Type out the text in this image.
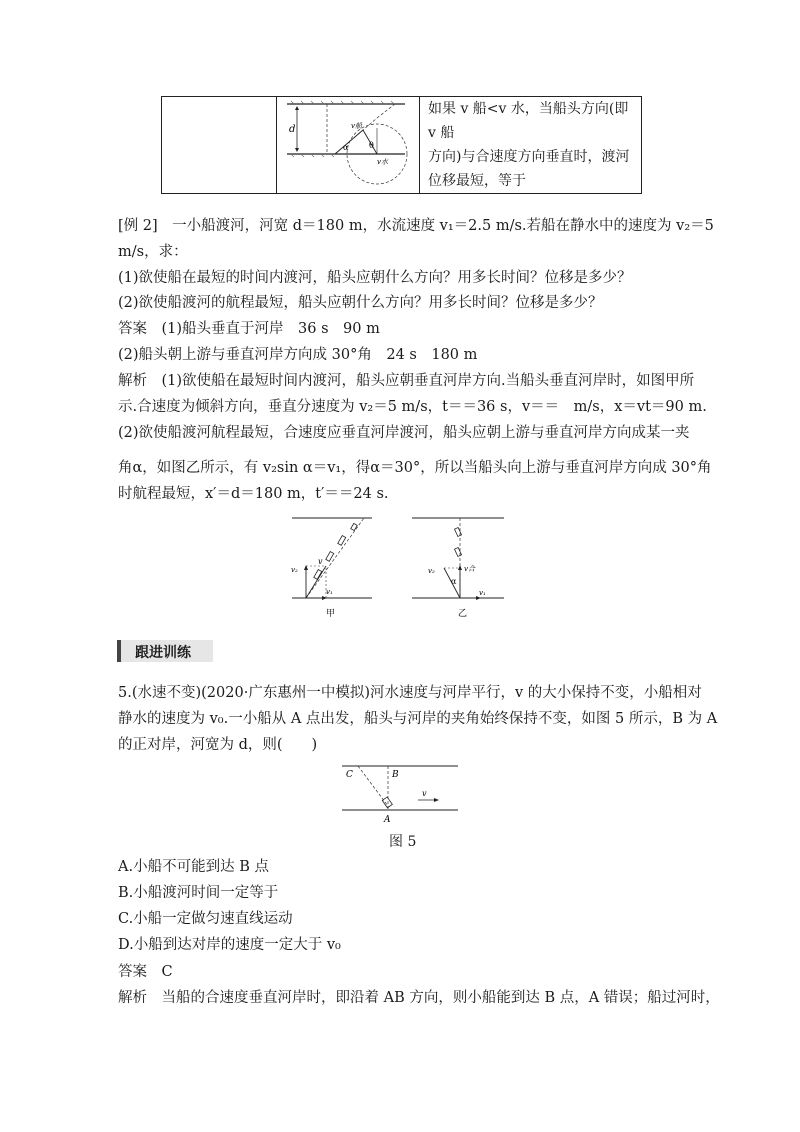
d	v船
α	θ
v水

如果 v 船<v 水，当船头方向(即 v 船
方向)与合速度方向垂直时，渡河
位移最短，等于
[例 2]　一小船渡河，河宽 d＝180 m，水流速度 v₁＝2.5 m/s.若船在静水中的速度为 v₂＝5
m/s，求：
(1)欲使船在最短的时间内渡河，船头应朝什么方向？用多长时间？位移是多少？
(2)欲使船渡河的航程最短，船头应朝什么方向？用多长时间？位移是多少？
答案　(1)船头垂直于河岸　36 s　90 m
(2)船头朝上游与垂直河岸方向成 30°角　24 s　180 m
解析　(1)欲使船在最短时间内渡河，船头应朝垂直河岸方向.当船头垂直河岸时，如图甲所
示.合速度为倾斜方向，垂直分速度为 v₂＝5 m/s，t＝＝36 s，v＝＝　m/s，x＝vt＝90 m.
(2)欲使船渡河航程最短，合速度应垂直河岸渡河，船头应朝上游与垂直河岸方向成某一夹
角α，如图乙所示，有 v₂sin α＝v₁，得α＝30°，所以当船头向上游与垂直河岸方向成 30°角
时航程最短，x′＝d＝180 m，t′＝＝24 s.
v₂
v
v₁
甲
v₂	v合
α
v₁
乙
跟进训练
5.(水速不变)(2020·广东惠州一中模拟)河水速度与河岸平行，v 的大小保持不变，小船相对
静水的速度为 v₀.一小船从 A 点出发，船头与河岸的夹角始终保持不变，如图 5 所示，B 为 A
的正对岸，河宽为 d，则(　　)
C	B
A
v
图 5
A.小船不可能到达 B 点
B.小船渡河时间一定等于
C.小船一定做匀速直线运动
D.小船到达对岸的速度一定大于 v₀
答案　C
解析　当船的合速度垂直河岸时，即沿着 AB 方向，则小船能到达 B 点，A 错误；船过河时，
